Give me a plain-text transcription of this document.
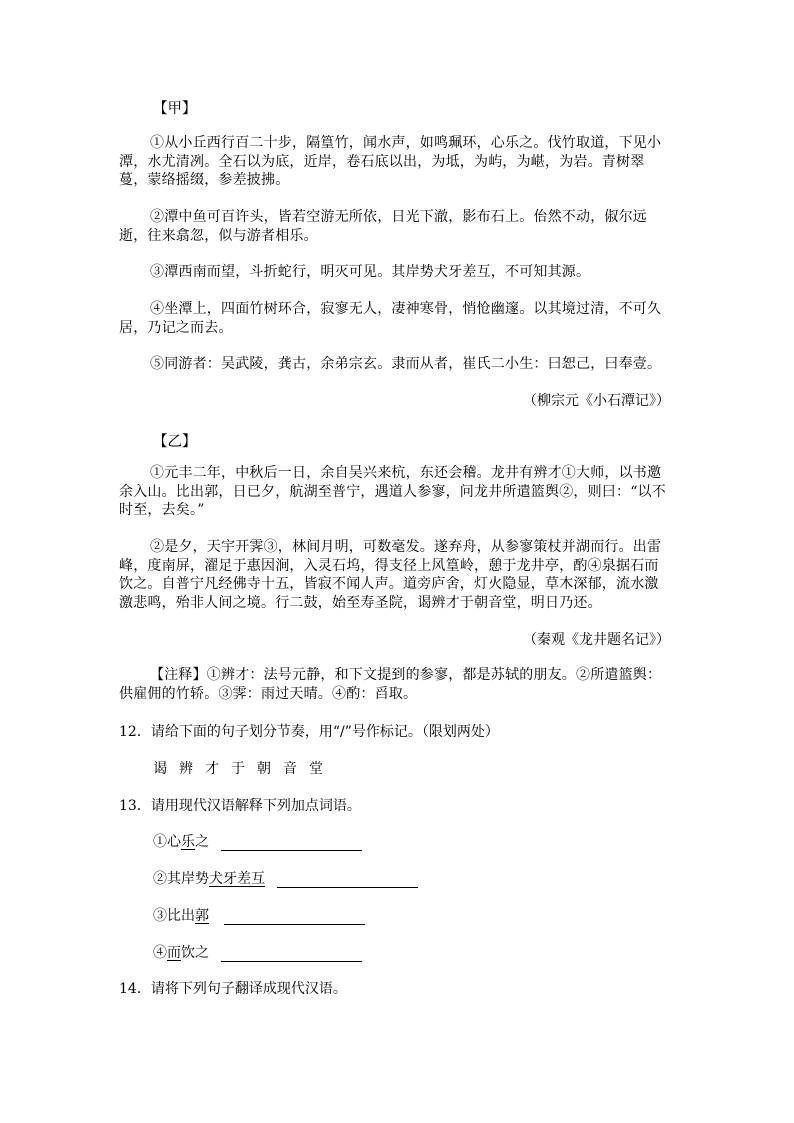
【甲】
①从小丘西行百二十步，隔篁竹，闻水声，如鸣珮环，心乐之。伐竹取道，下见小潭，水尤清冽。全石以为底，近岸，卷石底以出，为坻，为屿，为嵁，为岩。青树翠蔓，蒙络摇缀，参差披拂。
②潭中鱼可百许头，皆若空游无所依，日光下澈，影布石上。佁然不动，俶尔远逝，往来翕忽，似与游者相乐。
③潭西南而望，斗折蛇行，明灭可见。其岸势犬牙差互，不可知其源。
④坐潭上，四面竹树环合，寂寥无人，凄神寒骨，悄怆幽邃。以其境过清，不可久居，乃记之而去。
⑤同游者：吴武陵，龚古，余弟宗玄。隶而从者，崔氏二小生：曰恕己，曰奉壹。
（柳宗元《小石潭记》）
【乙】
①元丰二年，中秋后一日，余自吴兴来杭，东还会稽。龙井有辨才①大师，以书邀余入山。比出郭，日已夕，航湖至普宁，遇道人参寥，问龙井所遣篮舆②，则曰：“以不时至，去矣。”
②是夕，天宇开霁③，林间月明，可数毫发。遂弃舟，从参寥策杖并湖而行。出雷峰，度南屏，濯足于惠因涧，入灵石坞，得支径上风篁岭，憩于龙井亭，酌④泉据石而饮之。自普宁凡经佛寺十五，皆寂不闻人声。道旁庐舍，灯火隐显，草木深郁，流水激激悲鸣，殆非人间之境。行二鼓，始至寿圣院，谒辨才于朝音堂，明日乃还。
（秦观《龙井题名记》）
【注释】①辨才：法号元静，和下文提到的参寥，都是苏轼的朋友。②所遣篮舆：供雇佣的竹轿。③霁：雨过天晴。④酌：舀取。
12．请给下面的句子划分节奏，用“/”号作标记。（限划两处）
谒辨才于朝音堂
13．请用现代汉语解释下列加点词语。
①心乐之
②其岸势犬牙差互
③比出郭
④而饮之
14．请将下列句子翻译成现代汉语。
